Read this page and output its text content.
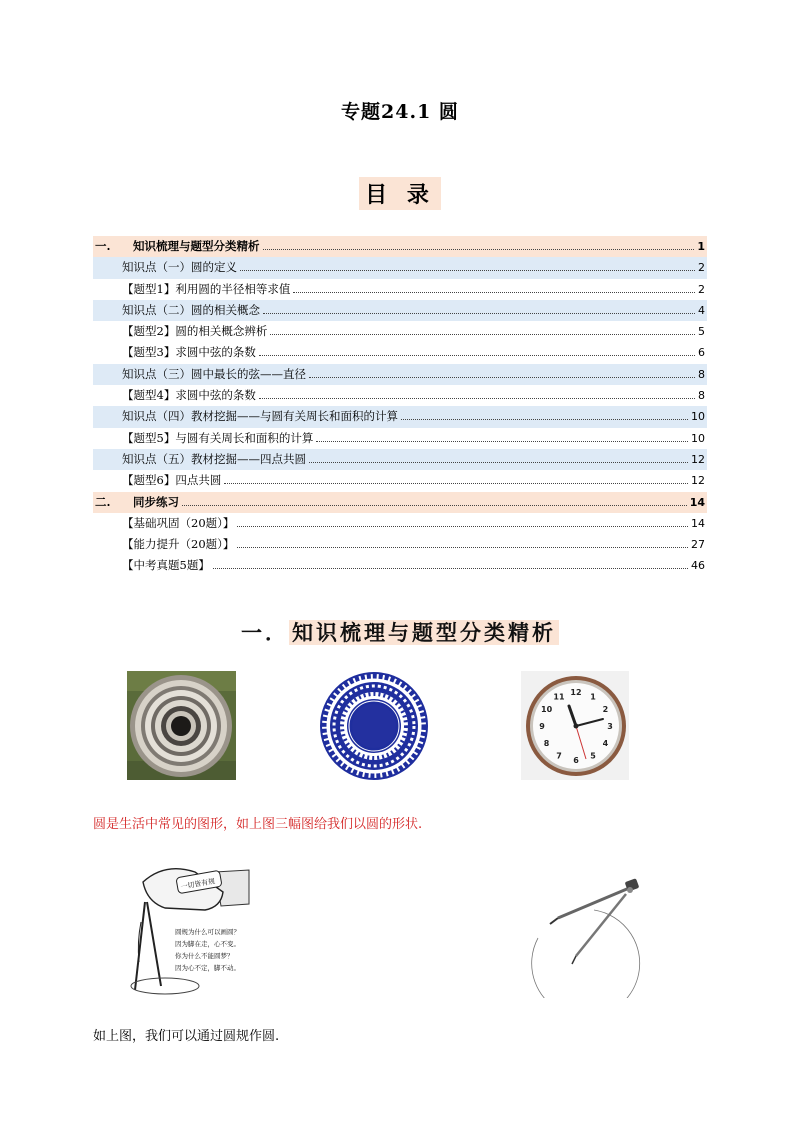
专题24.1 圆
目 录
一.	知识梳理与题型分类精析	1
知识点（一）圆的定义	2
【题型1】利用圆的半径相等求值	2
知识点（二）圆的相关概念	4
【题型2】圆的相关概念辨析	5
【题型3】求圆中弦的条数	6
知识点（三）圆中最长的弦——直径	8
【题型4】求圆中弦的条数	8
知识点（四）教材挖掘——与圆有关周长和面积的计算	10
【题型5】与圆有关周长和面积的计算	10
知识点（五）教材挖掘——四点共圆	12
【题型6】四点共圆	12
二.	同步练习	14
【基础巩固（20题）】	14
【能力提升（20题）】	27
【中考真题5题】	46
一． 知识梳理与题型分类精析
12
1
2
3
4
5
6
7
8
9
10
11
圆是生活中常见的图形，如上图三幅图给我们以圆的形状.
一切皆有规
圆规为什么可以画圆？
因为脚在走，心不变。
你为什么不能圆梦？
因为心不定，脚不动。
如上图，我们可以通过圆规作圆.
